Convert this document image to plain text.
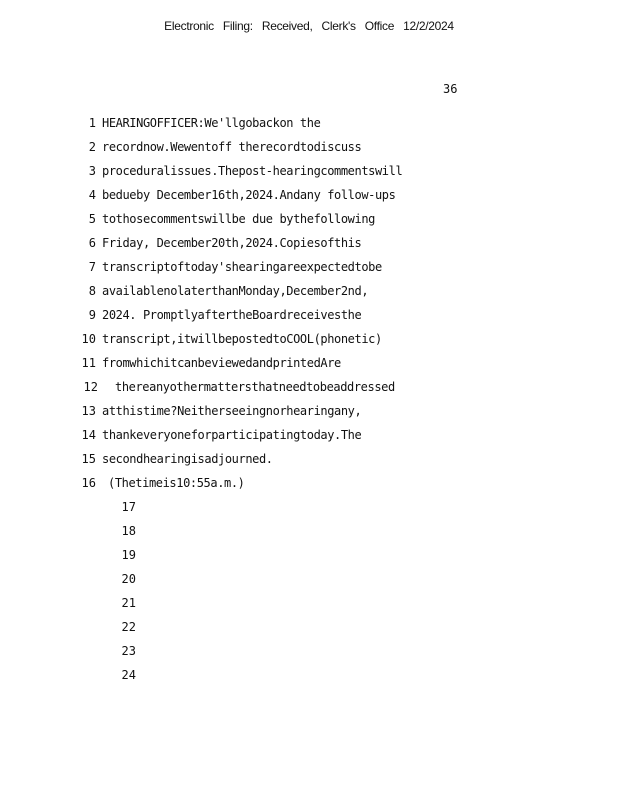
Electronic Filing: Received, Clerk's Office 12/2/2024
36
1 HEARINGOFFICER:We'llgobackon the
2 recordnow.Wewentoff therecordtodiscuss
3 proceduralissues.Thepost-hearingcommentswill
4 bedueby December16th,2024.Andany follow-ups
5 tothosecommentswillbe due bythefollowing
6 Friday, December20th,2024.Copiesofthis
7 transcriptoftoday'shearingareexpectedtobe
8 availablenolaterthanMonday,December2nd,
9 2024. PromptlyaftertheBoardreceivesthe
10 transcript,itwillbepostedtoCOOL(phonetic)
11 fromwhichitcanbeviewedandprintedAre
12 thereanyothermattersthatneedtobeaddressed
13 atthistime?Neitherseeingnorhearingany,
14 thankeveryoneforparticipatingtoday.The
15 secondhearingisadjourned.
16 (Thetimeis10:55a.m.)
17
18
19
20
21
22
23
24
